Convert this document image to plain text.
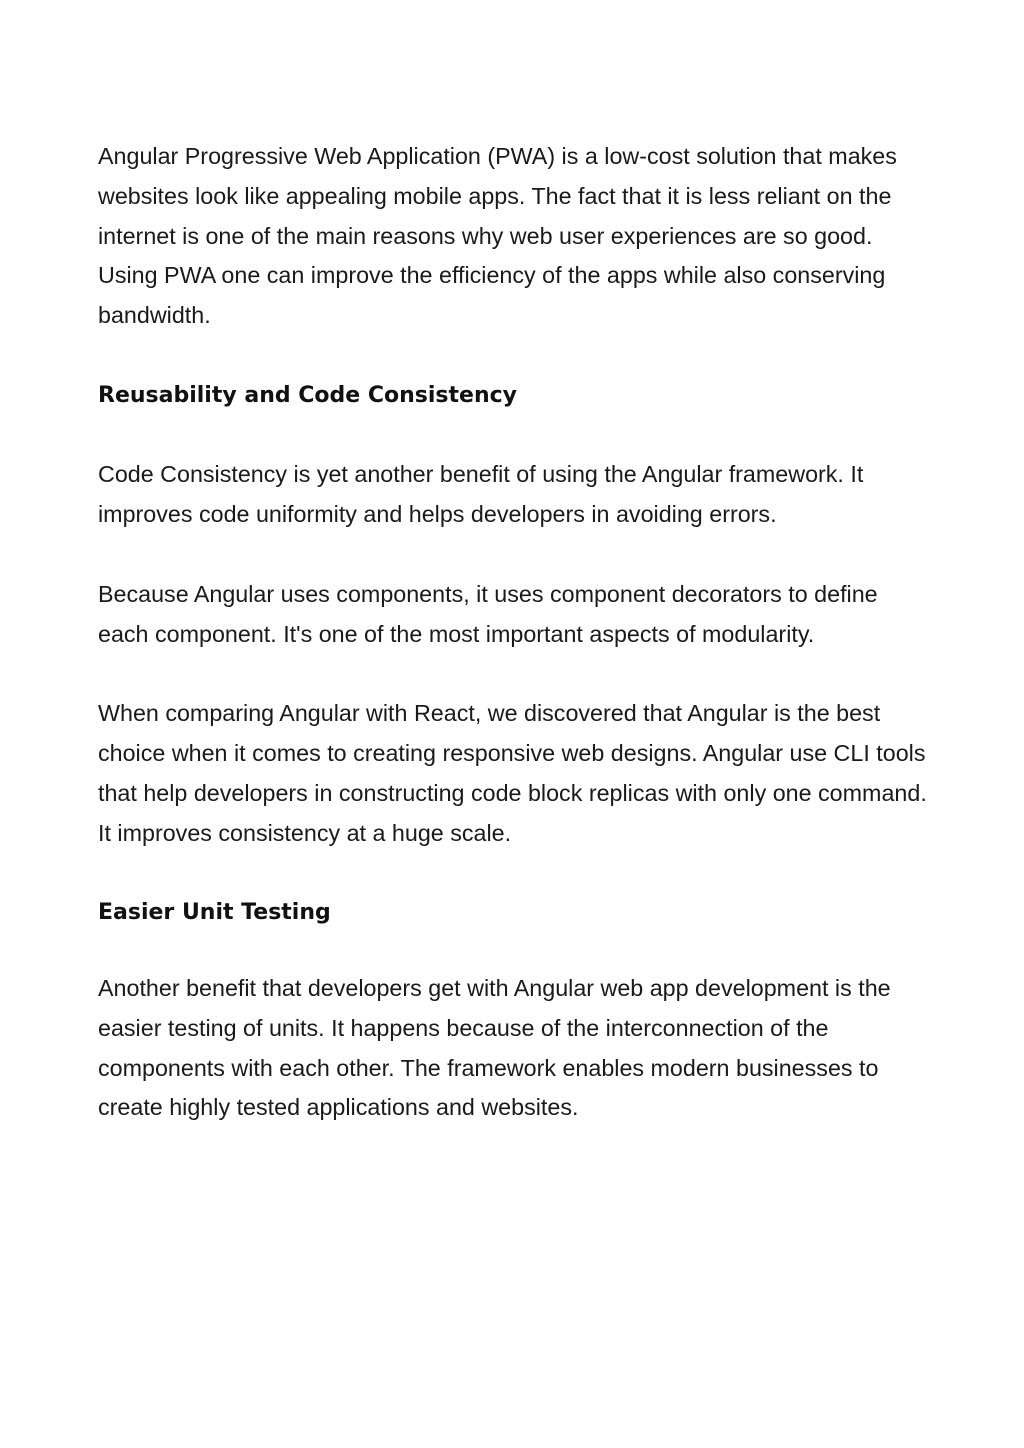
Angular Progressive Web Application (PWA) is a low-cost solution that makes websites look like appealing mobile apps. The fact that it is less reliant on the internet is one of the main reasons why web user experiences are so good. Using PWA one can improve the efficiency of the apps while also conserving bandwidth.

Reusability and Code Consistency

Code Consistency is yet another benefit of using the Angular framework. It improves code uniformity and helps developers in avoiding errors.

Because Angular uses components, it uses component decorators to define each component. It's one of the most important aspects of modularity.

When comparing Angular with React, we discovered that Angular is the best choice when it comes to creating responsive web designs. Angular use CLI tools that help developers in constructing code block replicas with only one command. It improves consistency at a huge scale.

Easier Unit Testing

Another benefit that developers get with Angular web app development is the easier testing of units. It happens because of the interconnection of the components with each other. The framework enables modern businesses to create highly tested applications and websites.
